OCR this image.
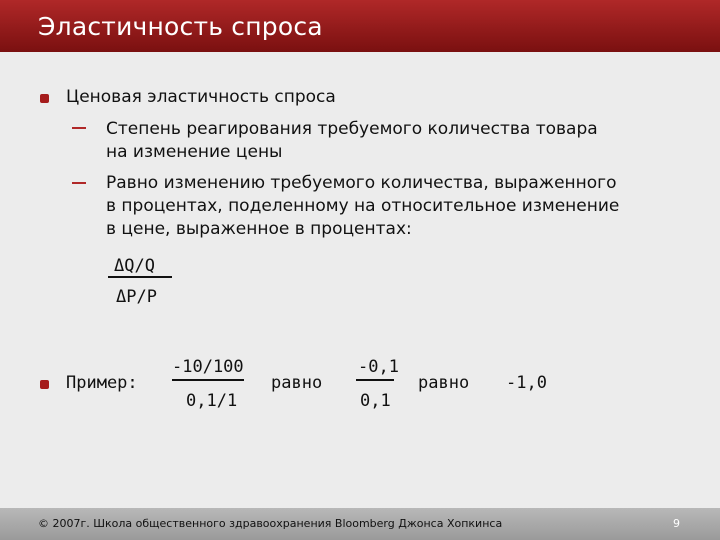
Эластичность спроса
Ценовая эластичность спроса
Степень реагирования требуемого количества товара
на изменение цены
Равно изменению требуемого количества, выраженного
в процентах, поделенному на относительное изменение
в цене, выраженное в процентах:
ΔQ/Q
ΔP/P
Пример:
-10/100
0,1/1
равно
-0,1
0,1
равно -1,0
© 2007г. Школа общественного здравоохранения Bloomberg Джонса Хопкинса	9
